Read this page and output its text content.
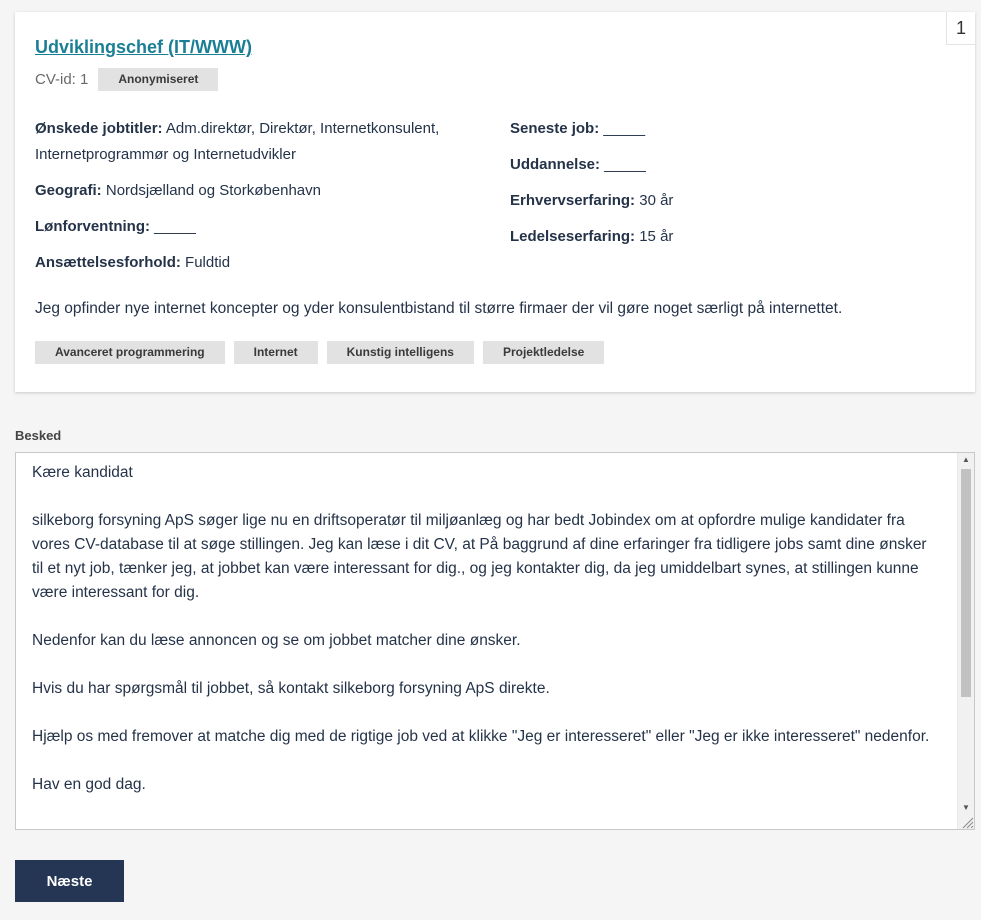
1
Udviklingschef (IT/WWW)
CV-id: 1	Anonymiseret
Ønskede jobtitler: Adm.direktør, Direktør, Internetkonsulent, Internetprogrammør og Internetudvikler
Geografi: Nordsjælland og Storkøbenhavn
Lønforventning: _____
Ansættelsesforhold: Fuldtid
Seneste job: _____
Uddannelse: _____
Erhvervserfaring: 30 år
Ledelseserfaring: 15 år
Jeg opfinder nye internet koncepter og yder konsulentbistand til større firmaer der vil gøre noget særligt på internettet.
Avanceret programmering	Internet	Kunstig intelligens	Projektledelse
Besked

Kære kandidat

silkeborg forsyning ApS søger lige nu en driftsoperatør til miljøanlæg og har bedt Jobindex om at opfordre mulige kandidater fra vores CV-database til at søge stillingen. Jeg kan læse i dit CV, at På baggrund af dine erfaringer fra tidligere jobs samt dine ønsker til et nyt job, tænker jeg, at jobbet kan være interessant for dig., og jeg kontakter dig, da jeg umiddelbart synes, at stillingen kunne være interessant for dig.

Nedenfor kan du læse annoncen og se om jobbet matcher dine ønsker.

Hvis du har spørgsmål til jobbet, så kontakt silkeborg forsyning ApS direkte.

Hjælp os med fremover at matche dig med de rigtige job ved at klikke "Jeg er interesseret" eller "Jeg er ikke interesseret" nedenfor.

Hav en god dag.

▲
▼
Næste
